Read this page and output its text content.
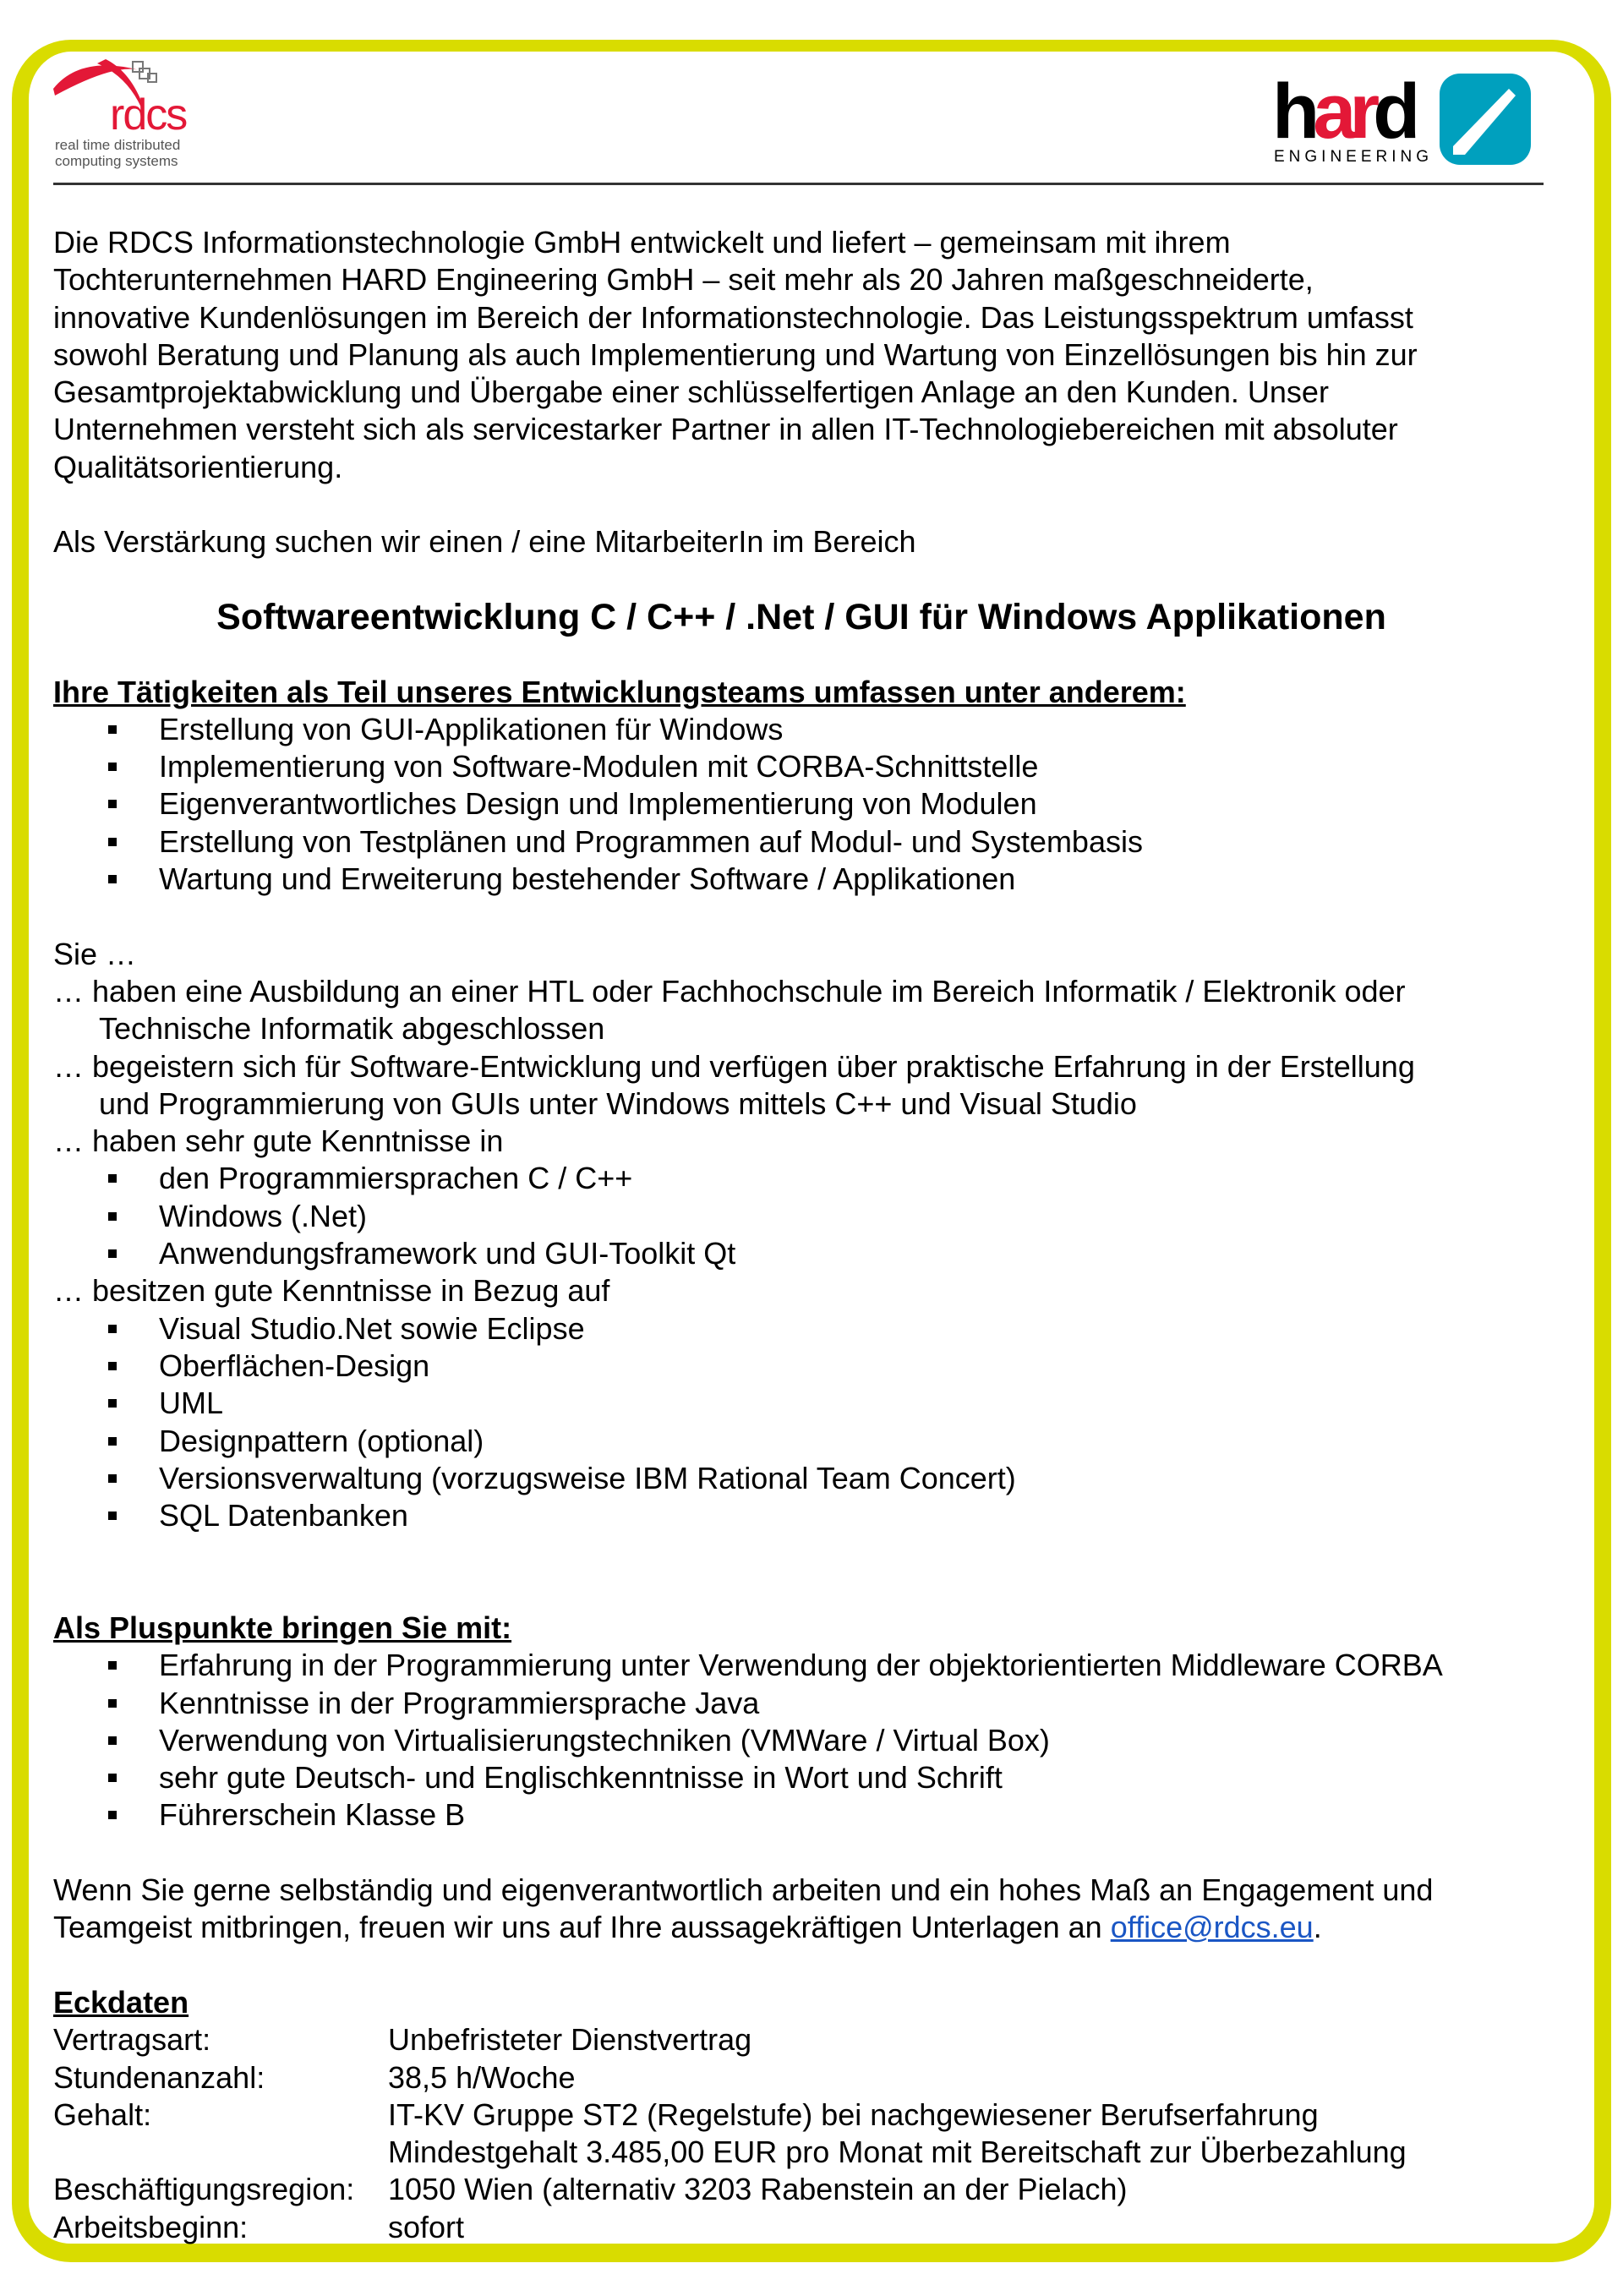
rdcs
real time distributed
computing systems
hard
ENGINEERING
Die RDCS Informationstechnologie GmbH entwickelt und liefert – gemeinsam mit ihrem
Tochterunternehmen HARD Engineering GmbH – seit mehr als 20 Jahren maßgeschneiderte,
innovative Kundenlösungen im Bereich der Informationstechnologie. Das Leistungsspektrum umfasst
sowohl Beratung und Planung als auch Implementierung und Wartung von Einzellösungen bis hin zur
Gesamtprojektabwicklung und Übergabe einer schlüsselfertigen Anlage an den Kunden. Unser
Unternehmen versteht sich als servicestarker Partner in allen IT-Technologiebereichen mit absoluter
Qualitätsorientierung.
Als Verstärkung suchen wir einen / eine MitarbeiterIn im Bereich
Softwareentwicklung C / C++ / .Net / GUI für Windows Applikationen
Ihre Tätigkeiten als Teil unseres Entwicklungsteams umfassen unter anderem:
Erstellung von GUI-Applikationen für Windows
Implementierung von Software-Modulen mit CORBA-Schnittstelle
Eigenverantwortliches Design und Implementierung von Modulen
Erstellung von Testplänen und Programmen auf Modul- und Systembasis
Wartung und Erweiterung bestehender Software / Applikationen
Sie …
… haben eine Ausbildung an einer HTL oder Fachhochschule im Bereich Informatik / Elektronik oder
Technische Informatik abgeschlossen
… begeistern sich für Software-Entwicklung und verfügen über praktische Erfahrung in der Erstellung
und Programmierung von GUIs unter Windows mittels C++ und Visual Studio
… haben sehr gute Kenntnisse in
den Programmiersprachen C / C++
Windows (.Net)
Anwendungsframework und GUI-Toolkit Qt
… besitzen gute Kenntnisse in Bezug auf
Visual Studio.Net sowie Eclipse
Oberflächen-Design
UML
Designpattern (optional)
Versionsverwaltung (vorzugsweise IBM Rational Team Concert)
SQL Datenbanken
Als Pluspunkte bringen Sie mit:
Erfahrung in der Programmierung unter Verwendung der objektorientierten Middleware CORBA
Kenntnisse in der Programmiersprache Java
Verwendung von Virtualisierungstechniken (VMWare / Virtual Box)
sehr gute Deutsch- und Englischkenntnisse in Wort und Schrift
Führerschein Klasse B
Wenn Sie gerne selbständig und eigenverantwortlich arbeiten und ein hohes Maß an Engagement und
Teamgeist mitbringen, freuen wir uns auf Ihre aussagekräftigen Unterlagen an office@rdcs.eu.
Eckdaten
Vertragsart:	Unbefristeter Dienstvertrag
Stundenanzahl:	38,5 h/Woche
Gehalt:	IT-KV Gruppe ST2 (Regelstufe) bei nachgewiesener Berufserfahrung
Mindestgehalt 3.485,00 EUR pro Monat mit Bereitschaft zur Überbezahlung
Beschäftigungsregion:	1050 Wien (alternativ 3203 Rabenstein an der Pielach)
Arbeitsbeginn:	sofort
